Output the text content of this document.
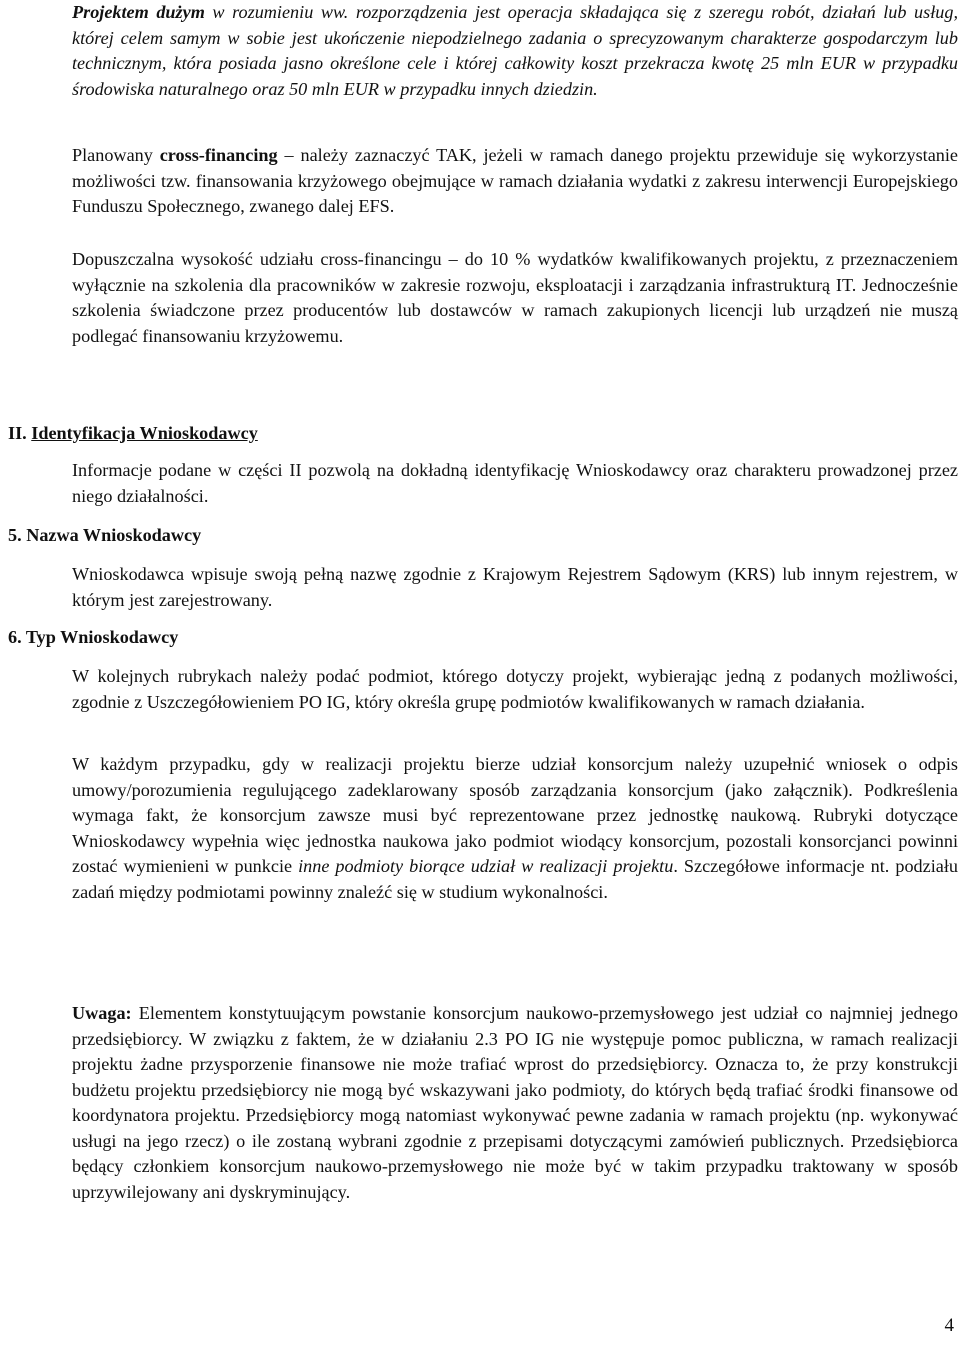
Projektem dużym w rozumieniu ww. rozporządzenia jest operacja składająca się z szeregu robót, działań lub usług, której celem samym w sobie jest ukończenie niepodzielnego zadania o sprecyzowanym charakterze gospodarczym lub technicznym, która posiada jasno określone cele i której całkowity koszt przekracza kwotę 25 mln EUR w przypadku środowiska naturalnego oraz 50 mln EUR w przypadku innych dziedzin.

Planowany cross-financing – należy zaznaczyć TAK, jeżeli w ramach danego projektu przewiduje się wykorzystanie możliwości tzw. finansowania krzyżowego obejmujące w ramach działania wydatki z zakresu interwencji Europejskiego Funduszu Społecznego, zwanego dalej EFS.

Dopuszczalna wysokość udziału cross-financingu – do 10 % wydatków kwalifikowanych projektu, z przeznaczeniem wyłącznie na szkolenia dla pracowników w zakresie rozwoju, eksploatacji i zarządzania infrastrukturą IT. Jednocześnie szkolenia świadczone przez producentów lub dostawców w ramach zakupionych licencji lub urządzeń nie muszą podlegać finansowaniu krzyżowemu.

II. Identyfikacja Wnioskodawcy

Informacje podane w części II pozwolą na dokładną identyfikację Wnioskodawcy oraz charakteru prowadzonej przez niego działalności.

5. Nazwa Wnioskodawcy

Wnioskodawca wpisuje swoją pełną nazwę zgodnie z Krajowym Rejestrem Sądowym (KRS) lub innym rejestrem, w którym jest zarejestrowany.

6. Typ Wnioskodawcy

W kolejnych rubrykach należy podać podmiot, którego dotyczy projekt, wybierając jedną z podanych możliwości, zgodnie z Uszczegółowieniem PO IG, który określa grupę podmiotów kwalifikowanych w ramach działania.

W każdym przypadku, gdy w realizacji projektu bierze udział konsorcjum należy uzupełnić wniosek o odpis umowy/porozumienia regulującego zadeklarowany sposób zarządzania konsorcjum (jako załącznik). Podkreślenia wymaga fakt, że konsorcjum zawsze musi być reprezentowane przez jednostkę naukową. Rubryki dotyczące Wnioskodawcy wypełnia więc jednostka naukowa jako podmiot wiodący konsorcjum, pozostali konsorcjanci powinni zostać wymienieni w punkcie inne podmioty biorące udział w realizacji projektu. Szczegółowe informacje nt. podziału zadań między podmiotami powinny znaleźć się w studium wykonalności.

Uwaga: Elementem konstytuującym powstanie konsorcjum naukowo-przemysłowego jest udział co najmniej jednego przedsiębiorcy. W związku z faktem, że w działaniu 2.3 PO IG nie występuje pomoc publiczna, w ramach realizacji projektu żadne przysporzenie finansowe nie może trafiać wprost do przedsiębiorcy. Oznacza to, że przy konstrukcji budżetu projektu przedsiębiorcy nie mogą być wskazywani jako podmioty, do których będą trafiać środki finansowe od koordynatora projektu. Przedsiębiorcy mogą natomiast wykonywać pewne zadania w ramach projektu (np. wykonywać usługi na jego rzecz) o ile zostaną wybrani zgodnie z przepisami dotyczącymi zamówień publicznych. Przedsiębiorca będący członkiem konsorcjum naukowo-przemysłowego nie może być w takim przypadku traktowany w sposób uprzywilejowany ani dyskryminujący.

4
